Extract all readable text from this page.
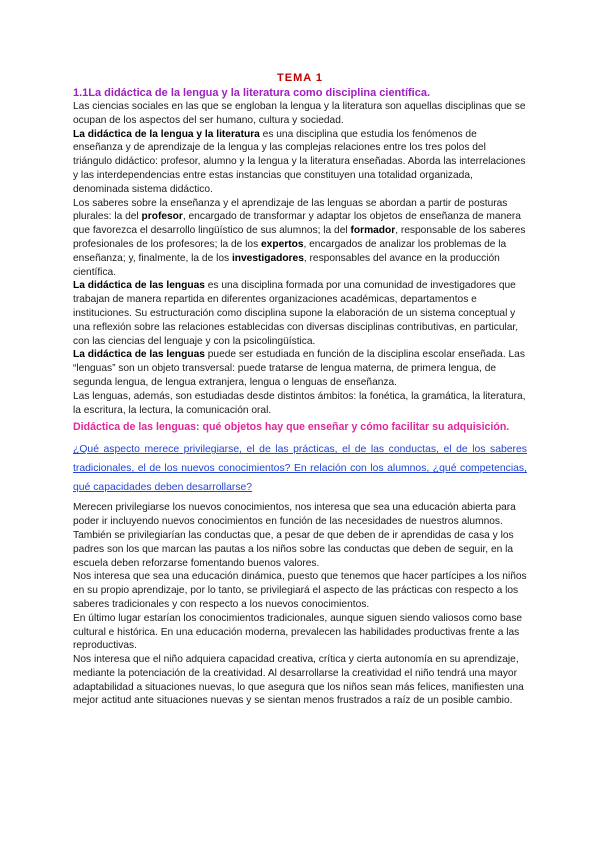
TEMA 1

1.1La didáctica de la lengua y la literatura como disciplina científica.

Las ciencias sociales en las que se engloban la lengua y la literatura son aquellas disciplinas que se ocupan de los aspectos del ser humano, cultura y sociedad.

La didáctica de la lengua y la literatura es una disciplina que estudia los fenómenos de enseñanza y de aprendizaje de la lengua y las complejas relaciones entre los tres polos del triángulo didáctico: profesor, alumno y la lengua y la literatura enseñadas. Aborda las interrelaciones y las interdependencias entre estas instancias que constituyen una totalidad organizada, denominada sistema didáctico.

Los saberes sobre la enseñanza y el aprendizaje de las lenguas se abordan a partir de posturas plurales: la del profesor, encargado de transformar y adaptar los objetos de enseñanza de manera que favorezca el desarrollo lingüístico de sus alumnos; la del formador, responsable de los saberes profesionales de los profesores; la de los expertos, encargados de analizar los problemas de la enseñanza; y, finalmente, la de los investigadores, responsables del avance en la producción científica.

La didáctica de las lenguas es una disciplina formada por una comunidad de investigadores que trabajan de manera repartida en diferentes organizaciones académicas, departamentos e instituciones. Su estructuración como disciplina supone la elaboración de un sistema conceptual y una reflexión sobre las relaciones establecidas con diversas disciplinas contributivas, en particular, con las ciencias del lenguaje y con la psicolingüística.

La didáctica de las lenguas puede ser estudiada en función de la disciplina escolar enseñada. Las “lenguas” son un objeto transversal: puede tratarse de lengua materna, de primera lengua, de segunda lengua, de lengua extranjera, lengua o lenguas de enseñanza.

Las lenguas, además, son estudiadas desde distintos ámbitos: la fonética, la gramática, la literatura, la escritura, la lectura, la comunicación oral.

Didáctica de las lenguas: qué objetos hay que enseñar y cómo facilitar su adquisición.

¿Qué aspecto merece privilegiarse, el de las prácticas, el de las conductas, el de los saberes tradicionales, el de los nuevos conocimientos? En relación con los alumnos, ¿qué competencias, qué capacidades deben desarrollarse?

Merecen privilegiarse los nuevos conocimientos, nos interesa que sea una educación abierta para poder ir incluyendo nuevos conocimientos en función de las necesidades de nuestros alumnos.

También se privilegiarían las conductas que, a pesar de que deben de ir aprendidas de casa y los padres son los que marcan las pautas a los niños sobre las conductas que deben de seguir, en la escuela deben reforzarse fomentando buenos valores.

Nos interesa que sea una educación dinámica, puesto que tenemos que hacer partícipes a los niños en su propio aprendizaje, por lo tanto, se privilegiará el aspecto de las prácticas con respecto a los saberes tradicionales y con respecto a los nuevos conocimientos.

En último lugar estarían los conocimientos tradicionales, aunque siguen siendo valiosos como base cultural e histórica. En una educación moderna, prevalecen las habilidades productivas frente a las reproductivas.

Nos interesa que el niño adquiera capacidad creativa, crítica y cierta autonomía en su aprendizaje, mediante la potenciación de la creatividad. Al desarrollarse la creatividad el niño tendrá una mayor adaptabilidad a situaciones nuevas, lo que asegura que los niños sean más felices, manifiesten una mejor actitud ante situaciones nuevas y se sientan menos frustrados a raíz de un posible cambio.
